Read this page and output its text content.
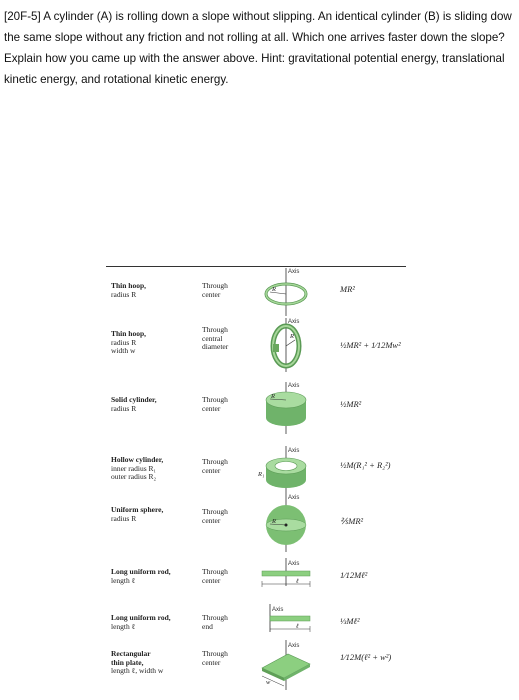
[20F-5] A cylinder (A) is rolling down a slope without slipping. An identical cylinder (B) is sliding dow
the same slope without any friction and not rolling at all. Which one arrives faster down the slope?
Explain how you came up with the answer above. Hint: gravitational potential energy, translational
kinetic energy, and rotational kinetic energy.
Thin hoop,
radius R
Through
center
Axis
R	MR²
Thin hoop,
radius R
width w
Through
central
diameter
Axis
R
½MR² + 1⁄12Mw²
Solid cylinder,
radius R
Through
center
Axis
R
½MR²
Hollow cylinder,
inner radius R₁
outer radius R₂
Through
center
Axis
R₁
½M(R₁² + R₂²)
Uniform sphere,
radius R
Through
center
Axis
R	⅖MR²
Long uniform rod,
length ℓ
Through
center
Axis
ℓ
1⁄12Mℓ²
Long uniform rod,
length ℓ
Through
end
Axis
ℓ
⅓Mℓ²
Rectangular
thin plate,
length ℓ, width w
Through
center
Axis
w
1⁄12M(ℓ² + w²)
